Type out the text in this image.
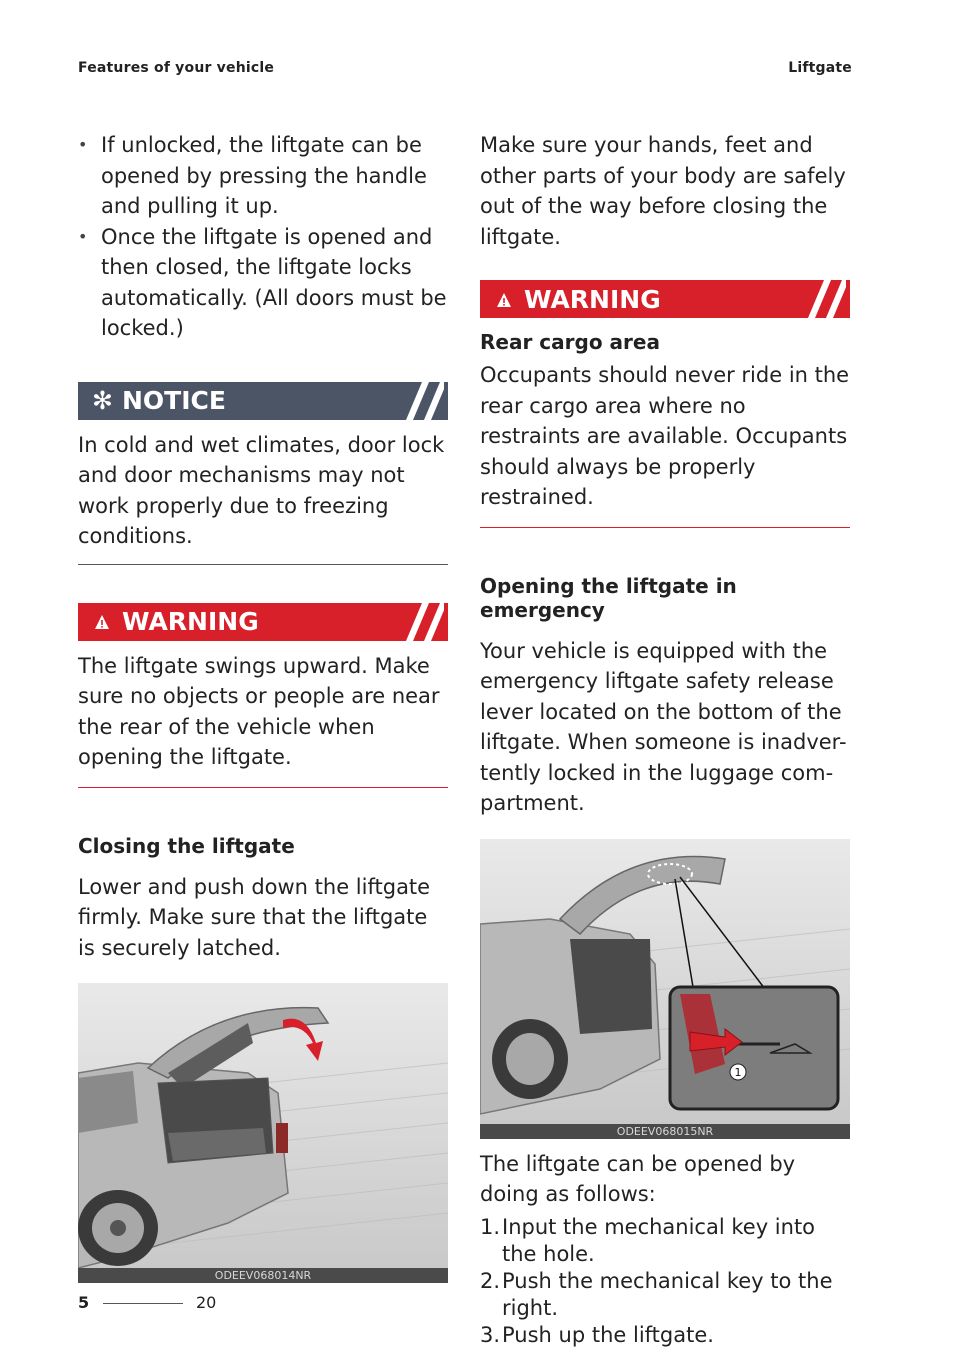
Features of your vehicle	Liftgate
• If unlocked, the liftgate can be opened by pressing the handle and pulling it up.
• Once the liftgate is opened and then closed, the liftgate locks automatically. (All doors must be locked.)
✻ NOTICE

In cold and wet climates, door lock and door mechanisms may not work properly due to freezing conditions.

WARNING

The liftgate swings upward. Make sure no objects or people are near the rear of the vehicle when opening the liftgate.

Closing the liftgate

Lower and push down the liftgate firmly. Make sure that the liftgate is securely latched.

ODEEV068014NR

Make sure your hands, feet and other parts of your body are safely out of the way before closing the liftgate.

WARNING

Rear cargo area

Occupants should never ride in the rear cargo area where no restraints are available. Occupants should always be properly restrained.

Opening the liftgate in emergency

Your vehicle is equipped with the emergency liftgate safety release lever located on the bottom of the liftgate. When someone is inadver-tently locked in the luggage com-partment.

1
ODEEV068015NR

The liftgate can be opened by doing as follows:

1. Input the mechanical key into the hole.
2. Push the mechanical key to the right.
3. Push up the liftgate.
5	20
